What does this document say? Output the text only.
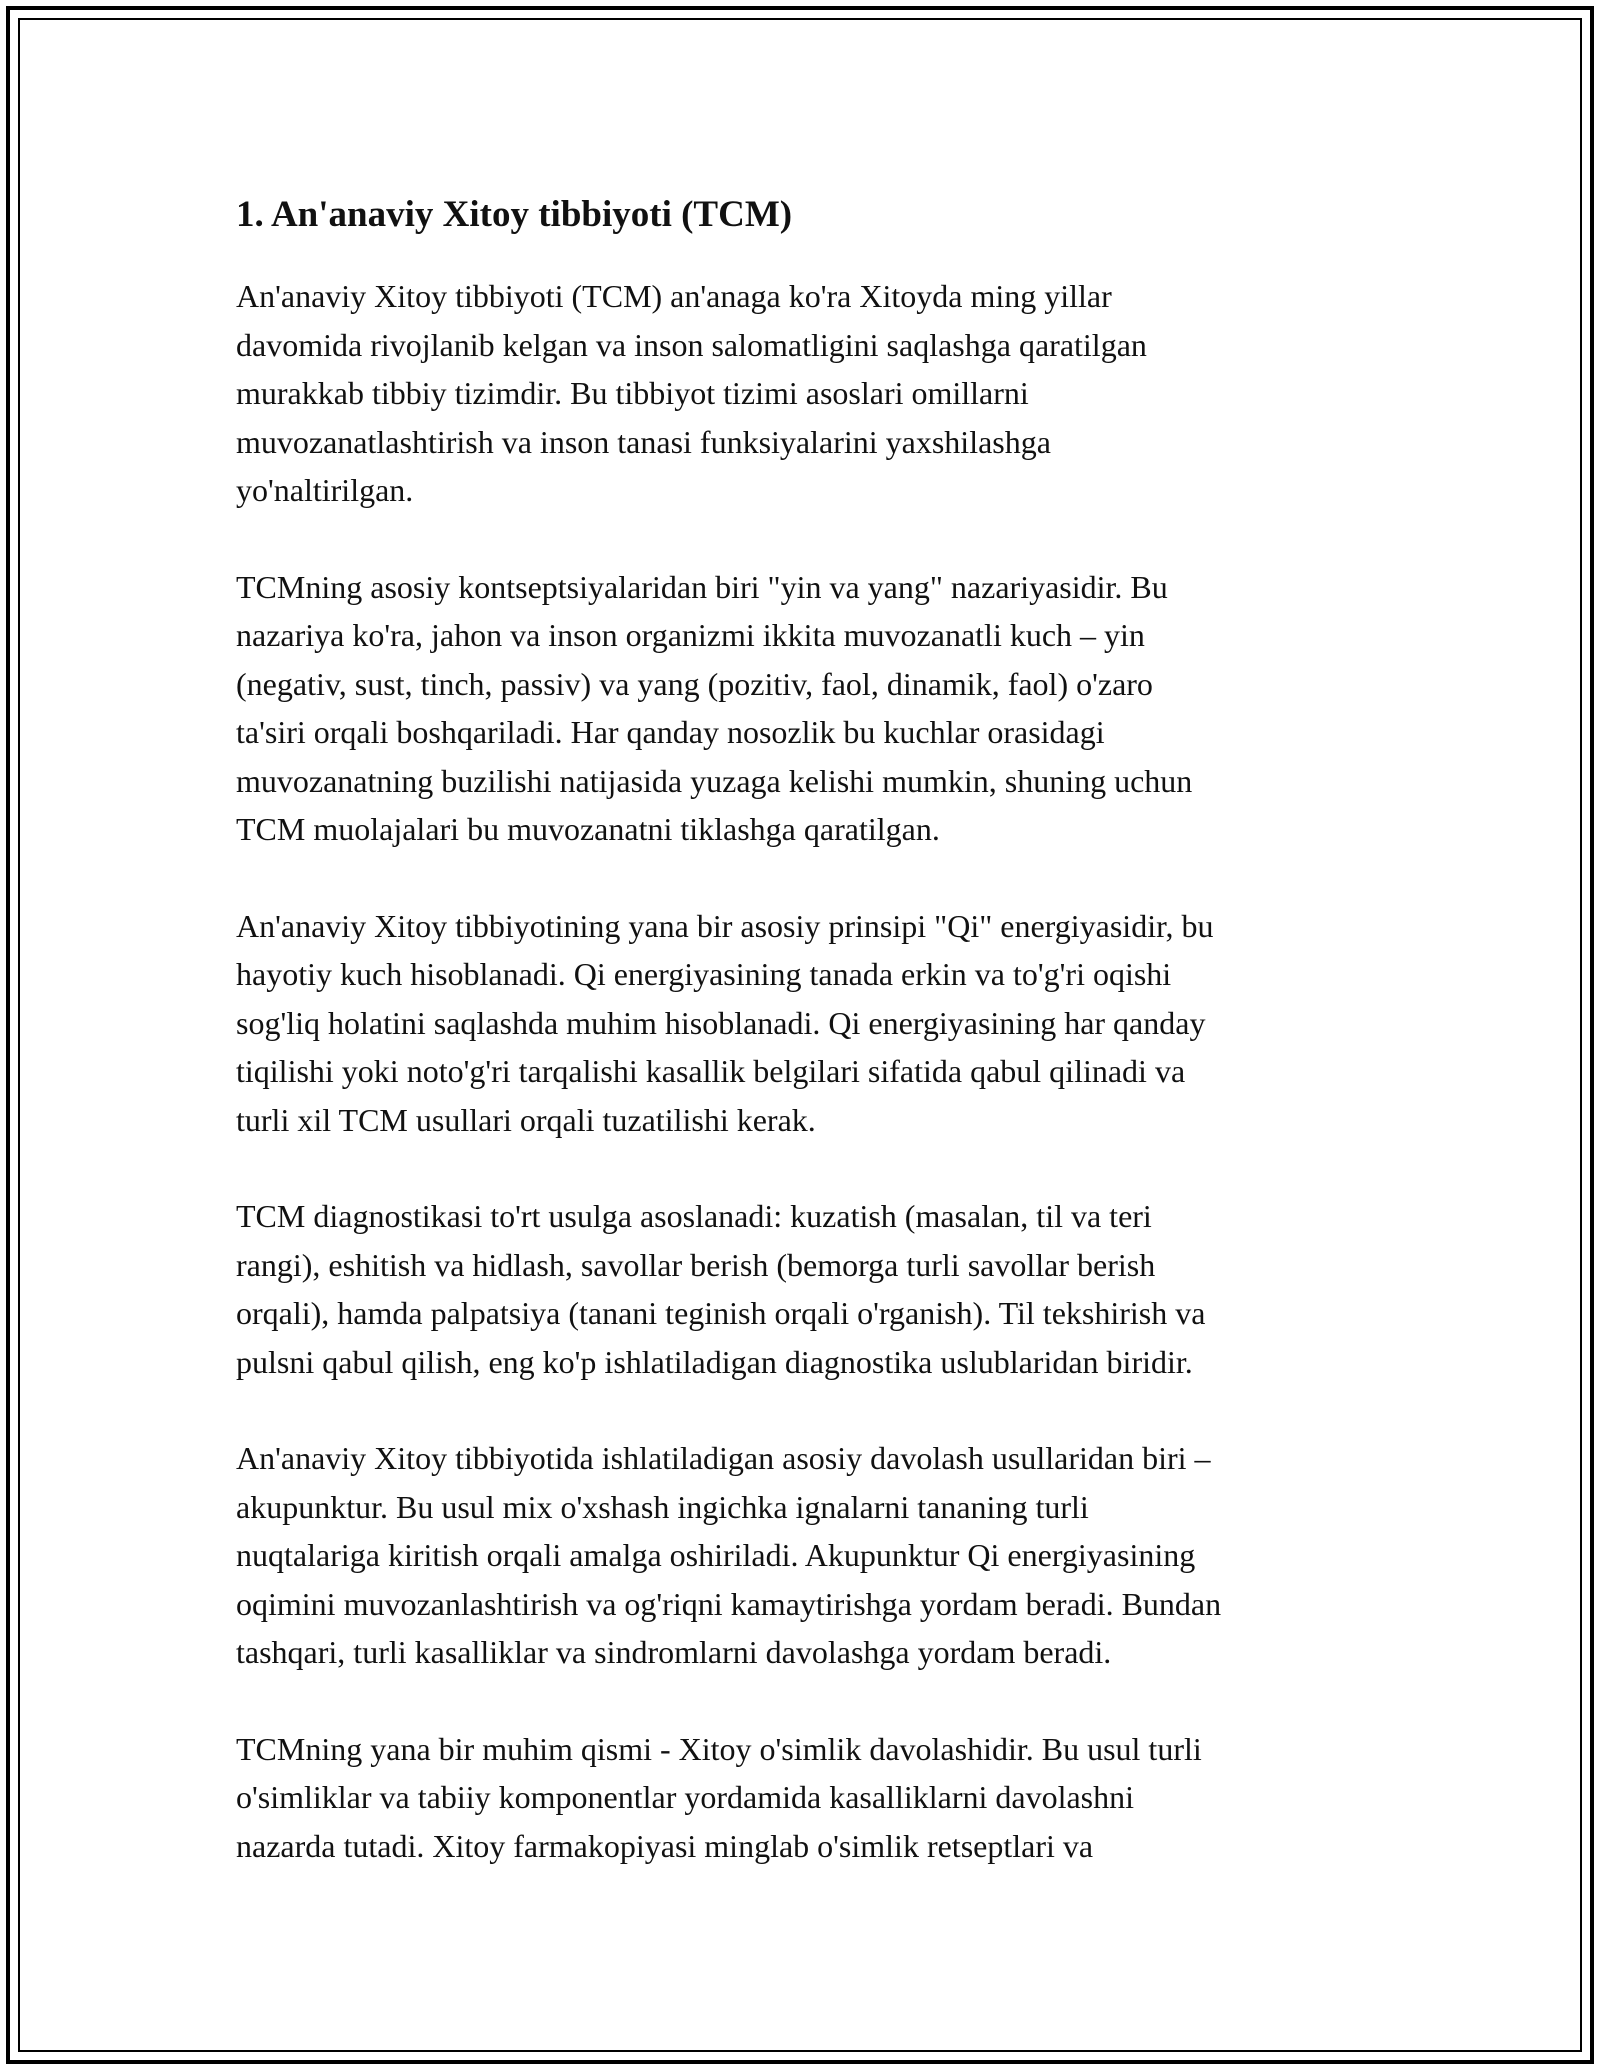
1. An'anaviy Xitoy tibbiyoti (TCM)

An'anaviy Xitoy tibbiyoti (TCM) an'anaga ko'ra Xitoyda ming yillar
davomida rivojlanib kelgan va inson salomatligini saqlashga qaratilgan
murakkab tibbiy tizimdir. Bu tibbiyot tizimi asoslari omillarni
muvozanatlashtirish va inson tanasi funksiyalarini yaxshilashga
yo'naltirilgan.

TCMning asosiy kontseptsiyalaridan biri "yin va yang" nazariyasidir. Bu
nazariya ko'ra, jahon va inson organizmi ikkita muvozanatli kuch – yin
(negativ, sust, tinch, passiv) va yang (pozitiv, faol, dinamik, faol) o'zaro
ta'siri orqali boshqariladi. Har qanday nosozlik bu kuchlar orasidagi
muvozanatning buzilishi natijasida yuzaga kelishi mumkin, shuning uchun
TCM muolajalari bu muvozanatni tiklashga qaratilgan.

An'anaviy Xitoy tibbiyotining yana bir asosiy prinsipi "Qi" energiyasidir, bu
hayotiy kuch hisoblanadi. Qi energiyasining tanada erkin va to'g'ri oqishi
sog'liq holatini saqlashda muhim hisoblanadi. Qi energiyasining har qanday
tiqilishi yoki noto'g'ri tarqalishi kasallik belgilari sifatida qabul qilinadi va
turli xil TCM usullari orqali tuzatilishi kerak.

TCM diagnostikasi to'rt usulga asoslanadi: kuzatish (masalan, til va teri
rangi), eshitish va hidlash, savollar berish (bemorga turli savollar berish
orqali), hamda palpatsiya (tanani teginish orqali o'rganish). Til tekshirish va
pulsni qabul qilish, eng ko'p ishlatiladigan diagnostika uslublaridan biridir.

An'anaviy Xitoy tibbiyotida ishlatiladigan asosiy davolash usullaridan biri –
akupunktur. Bu usul mix o'xshash ingichka ignalarni tananing turli
nuqtalariga kiritish orqali amalga oshiriladi. Akupunktur Qi energiyasining
oqimini muvozanlashtirish va og'riqni kamaytirishga yordam beradi. Bundan
tashqari, turli kasalliklar va sindromlarni davolashga yordam beradi.

TCMning yana bir muhim qismi - Xitoy o'simlik davolashidir. Bu usul turli
o'simliklar va tabiiy komponentlar yordamida kasalliklarni davolashni
nazarda tutadi. Xitoy farmakopiyasi minglab o'simlik retseptlari va
